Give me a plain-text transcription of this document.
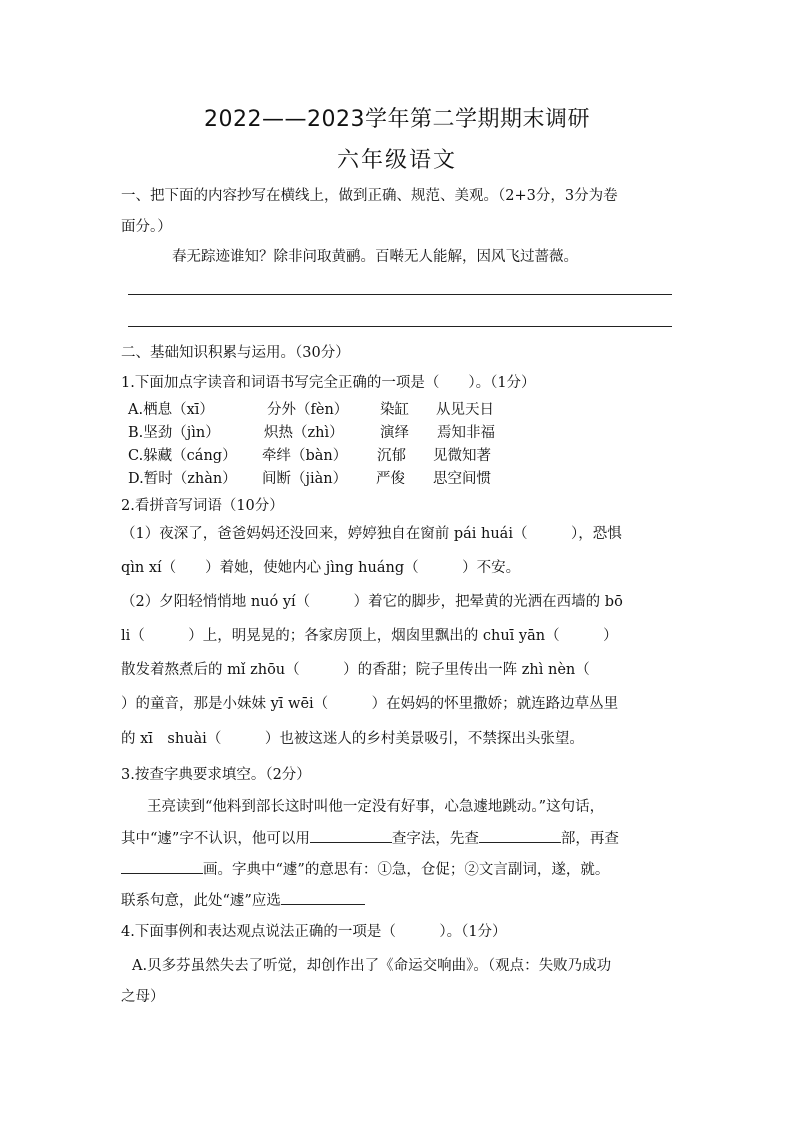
2022——2023学年第二学期期末调研
六年级语文
一、把下面的内容抄写在横线上，做到正确、规范、美观。（2+3分，3分为卷
面分。）
春无踪迹谁知？除非问取黄鹂。百啭无人能解，因风飞过蔷薇。
二、基础知识积累与运用。（30分）
1.下面加点字读音和词语书写完全正确的一项是（　　）。（1分）
A.栖息（xī）	分外（fèn） 染缸 从见天日
B.坚劲（jìn）	炽热（zhì）	演绎 焉知非福
C.躲藏（cáng） 牵绊（bàn） 沉郁 见微知著
D.暂时（zhàn） 间断（jiàn） 严俊 思空间惯
2.看拼音写词语（10分）
（1）夜深了，爸爸妈妈还没回来，婷婷独自在窗前 pái huái（　　　），恐惧
qìn xí（　　）着她，使她内心 jìng huáng（　　　）不安。
（2）夕阳轻悄悄地 nuó yí（　　　）着它的脚步，把晕黄的光洒在西墙的 bō
li（　　　）上，明晃晃的；各家房顶上，烟囱里飘出的 chuī yān（　　　）
散发着熬煮后的 mǐ zhōu（　　　）的香甜；院子里传出一阵 zhì nèn（
）的童音，那是小妹妹 yī wēi（　　　）在妈妈的怀里撒娇；就连路边草丛里
的 xī　shuài（　　　）也被这迷人的乡村美景吸引，不禁探出头张望。
3.按查字典要求填空。（2分）
王亮读到“他料到部长这时叫他一定没有好事，心急遽地跳动。”这句话，
其中“遽”字不认识，他可以用	查字法，先查	部，再查
画。字典中“遽”的意思有：①急，仓促；②文言副词，遂，就。
联系句意，此处“遽”应选
4.下面事例和表达观点说法正确的一项是（　　　）。（1分）
A.贝多芬虽然失去了听觉，却创作出了《命运交响曲》。（观点：失败乃成功
之母）
